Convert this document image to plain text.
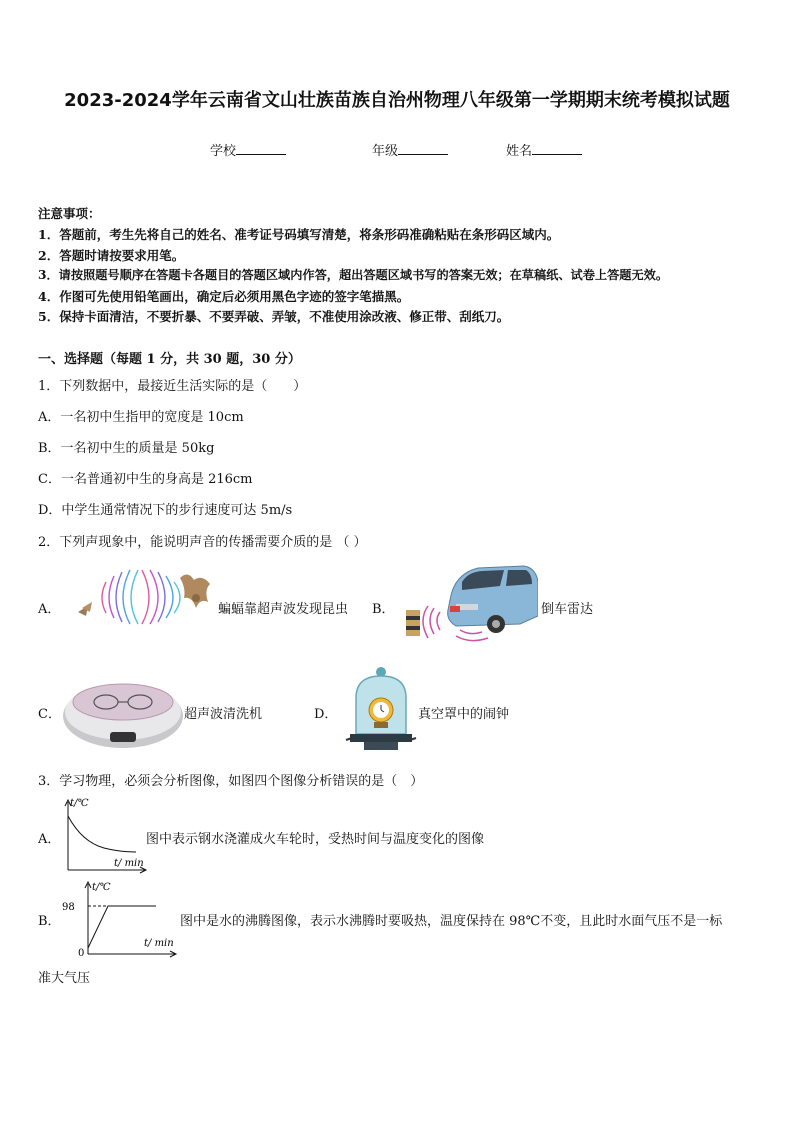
2023-2024学年云南省文山壮族苗族自治州物理八年级第一学期期末统考模拟试题
学校	年级	姓名
注意事项：
1．答题前，考生先将自己的姓名、准考证号码填写清楚，将条形码准确粘贴在条形码区域内。
2．答题时请按要求用笔。
3．请按照题号顺序在答题卡各题目的答题区域内作答，超出答题区域书写的答案无效；在草稿纸、试卷上答题无效。
4．作图可先使用铅笔画出，确定后必须用黑色字迹的签字笔描黑。
5．保持卡面清洁，不要折暴、不要弄破、弄皱，不准使用涂改液、修正带、刮纸刀。
一、选择题（每题 1 分，共 30 题，30 分）
1．下列数据中，最接近生活实际的是（　　）
A．一名初中生指甲的宽度是 10cm
B．一名初中生的质量是 50kg
C．一名普通初中生的身高是 216cm
D．中学生通常情况下的步行速度可达 5m/s
2．下列声现象中，能说明声音的传播需要介质的是 （ ）
A．	蝙蝠靠超声波发现昆虫 B．	倒车雷达
C．	超声波清洗机	D．	真空罩中的闹钟
3．学习物理，必须会分析图像，如图四个图像分析错误的是（　）
A．
t/℃
t/ min
图中表示钢水浇灌成火车轮时，受热时间与温度变化的图像
B．
t/℃
98
0
t/ min
图中是水的沸腾图像，表示水沸腾时要吸热，温度保持在 98℃不变，且此时水面气压不是一标
准大气压
